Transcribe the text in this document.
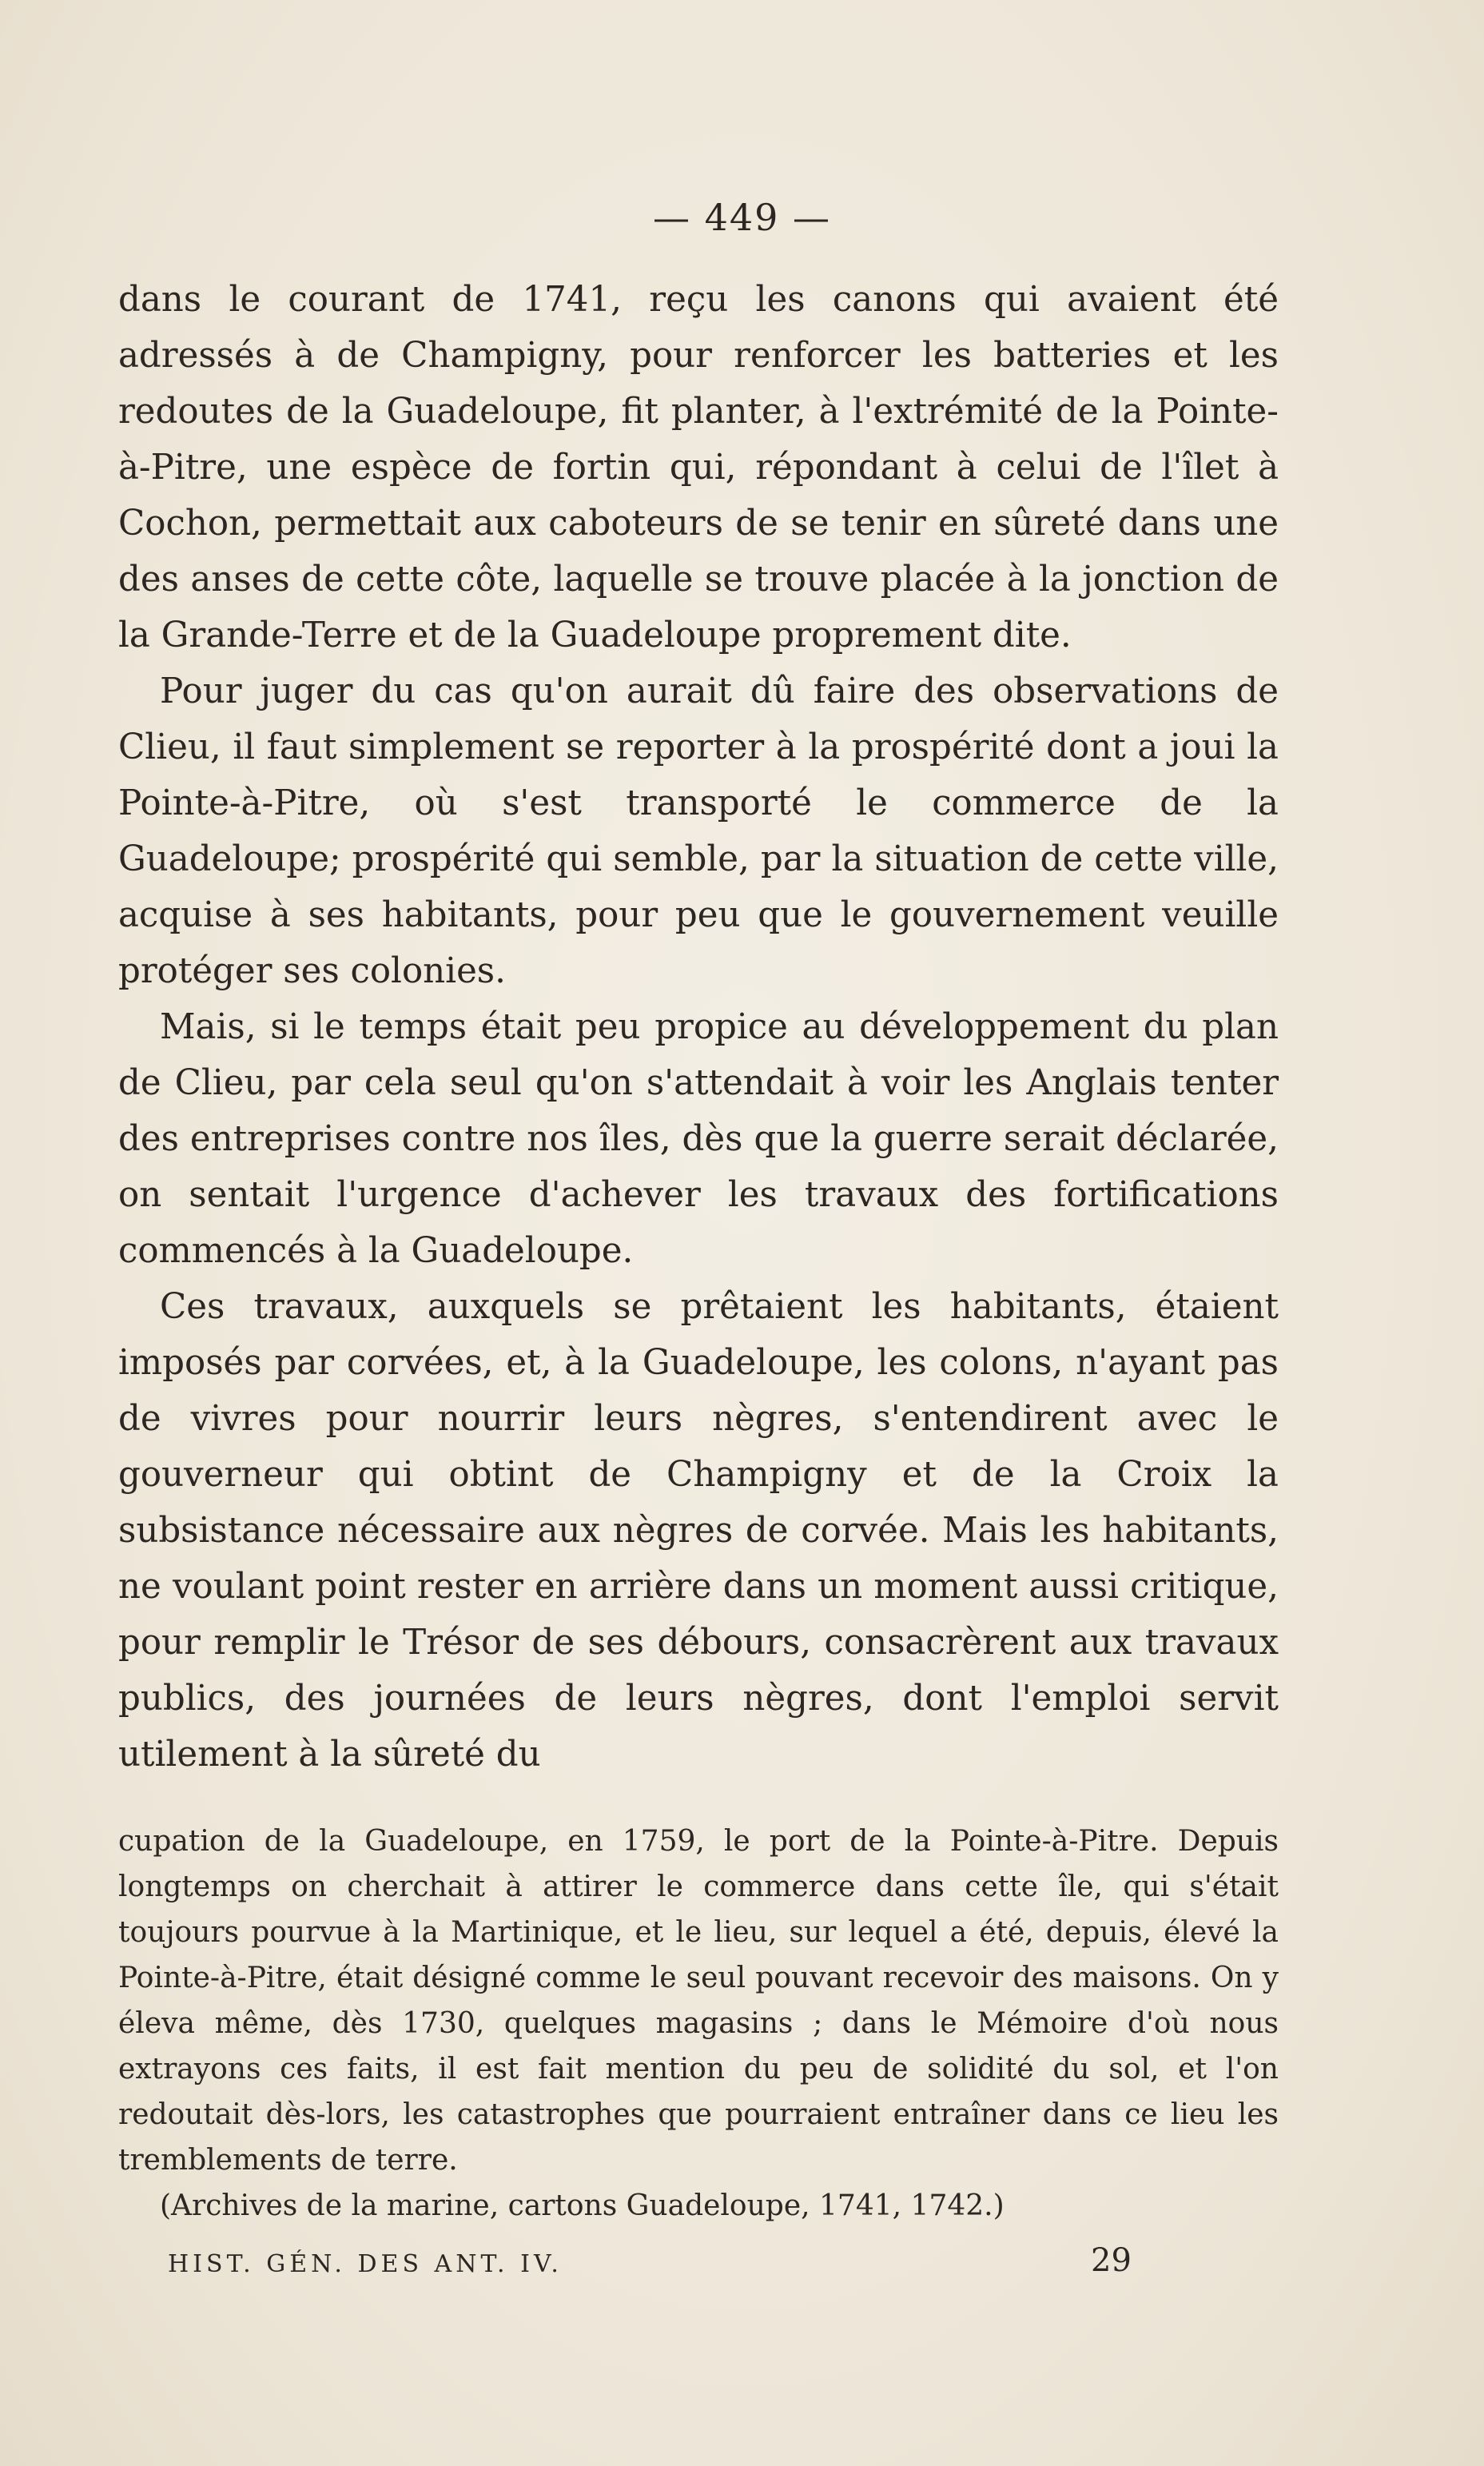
— 449 —

dans le courant de 1741, reçu les canons qui avaient été adressés à de Champigny, pour renforcer les batteries et les redoutes de la Guadeloupe, fit planter, à l'extrémité de la Pointe-à-Pitre, une espèce de fortin qui, répondant à celui de l'îlet à Cochon, permettait aux caboteurs de se tenir en sûreté dans une des anses de cette côte, laquelle se trouve placée à la jonction de la Grande-Terre et de la Guadeloupe proprement dite.

Pour juger du cas qu'on aurait dû faire des observations de Clieu, il faut simplement se reporter à la prospérité dont a joui la Pointe-à-Pitre, où s'est transporté le commerce de la Guadeloupe; prospérité qui semble, par la situation de cette ville, acquise à ses habitants, pour peu que le gouvernement veuille protéger ses colonies.

Mais, si le temps était peu propice au développement du plan de Clieu, par cela seul qu'on s'attendait à voir les Anglais tenter des entreprises contre nos îles, dès que la guerre serait déclarée, on sentait l'urgence d'achever les travaux des fortifications commencés à la Guadeloupe.

Ces travaux, auxquels se prêtaient les habitants, étaient imposés par corvées, et, à la Guadeloupe, les colons, n'ayant pas de vivres pour nourrir leurs nègres, s'entendirent avec le gouverneur qui obtint de Champigny et de la Croix la subsistance nécessaire aux nègres de corvée. Mais les habitants, ne voulant point rester en arrière dans un moment aussi critique, pour remplir le Trésor de ses débours, consacrèrent aux travaux publics, des journées de leurs nègres, dont l'emploi servit utilement à la sûreté du

cupation de la Guadeloupe, en 1759, le port de la Pointe-à-Pitre. Depuis longtemps on cherchait à attirer le commerce dans cette île, qui s'était toujours pourvue à la Martinique, et le lieu, sur lequel a été, depuis, élevé la Pointe-à-Pitre, était désigné comme le seul pouvant recevoir des maisons. On y éleva même, dès 1730, quelques magasins ; dans le Mémoire d'où nous extrayons ces faits, il est fait mention du peu de solidité du sol, et l'on redoutait dès-lors, les catastrophes que pourraient entraîner dans ce lieu les tremblements de terre.

(Archives de la marine, cartons Guadeloupe, 1741, 1742.)

HIST. GÉN. DES ANT. IV.	29
